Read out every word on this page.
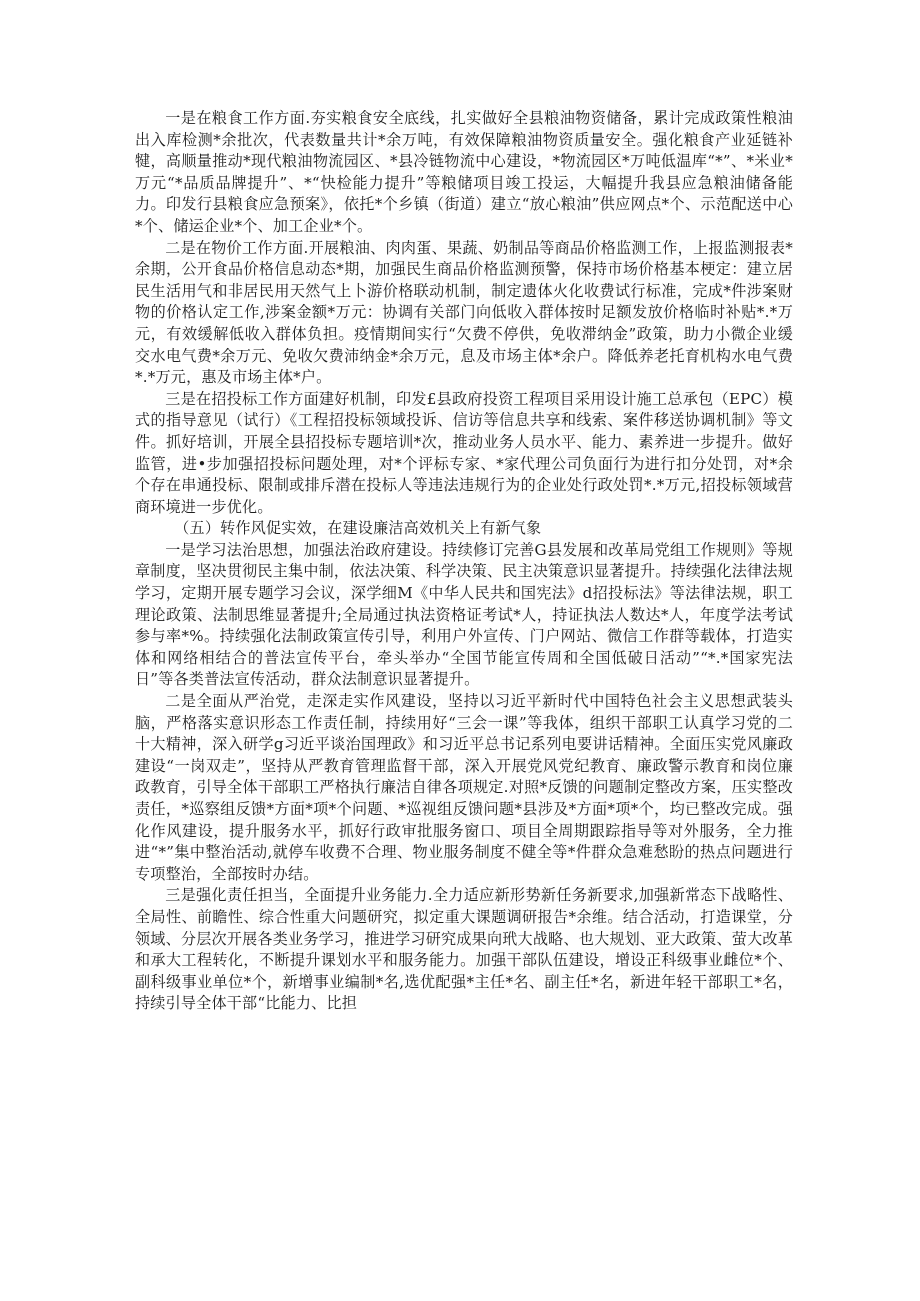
一是在粮食工作方面.夯实粮食安全底线，扎实做好全县粮油物资储备，累计完成政策性粮油出入库检测*余批次，代表数量共计*余万吨，有效保障粮油物资质量安全。强化粮食产业延链补犍，高顺量推动*现代粮油物流园区、*县冷链物流中心建设，*物流园区*万吨低温库“*”、*米业*万元“*品质品牌提升”、*“快检能力提升”等粮储项目竣工投运，大幅提升我县应急粮油储备能力。印发行县粮食应急预案》，依托*个乡镇（街道）建立“放心粮油”供应网点*个、示范配送中心*个、储运企业*个、加工企业*个。

二是在物价工作方面.开展粮油、肉肉蛋、果蔬、奶制品等商品价格监测工作，上报监测报表*余期，公开食品价格信息动态*期，加强民生商品价格监测预警，保持市场价格基本梗定：建立居民生活用气和非居民用天然气上卜游价格联动机制，制定遗体火化收费试行标准，完成*件涉案财物的价格认定工作,涉案金额*万元：协调有关部门向低收入群体按时足额发放价格临时补贴*.*万元，有效缓解低收入群体负担。疫情期间实行“欠费不停供，免收滞纳金”政策，助力小微企业缓交水电气费*余万元、免收欠费沛纳金*余万元，息及市场主体*余户。降低养老托育机构水电气费*.*万元，惠及市场主体*户。

三是在招投标工作方面建好机制，印发£县政府投资工程项目采用设计施工总承包（EPC）模式的指导意见（试行）《工程招投标领域投诉、信访等信息共享和线索、案件移送协调机制》等文件。抓好培训，开展全县招投标专题培训*次，推动业务人员水平、能力、素养进一步提升。做好监管，进•步加强招投标问题处理，对*个评标专家、*家代理公司负面行为进行扣分处罚，对*余个存在串通投标、限制或排斥潜在投标人等违法违规行为的企业处行政处罚*.*万元,招投标领域营商环境进一步优化。

（五）转作风促实效，在建设廉洁高效机关上有新气象

一是学习法治思想，加强法治政府建设。持续修订完善G县发展和改革局党组工作规则》等规章制度，坚决贯彻民主集中制，依法决策、科学决策、民主决策意识显著提升。持续强化法律法规学习，定期开展专题学习会议，深学细M《中华人民共和国宪法》d招投标法》等法律法规，职工理论政策、法制思维显著提升;全局通过执法资格证考试*人，持证执法人数达*人，年度学法考试参与率*%。持续强化法制政策宣传引导，利用户外宣传、门户网站、微信工作群等载体，打造实体和网络相结合的普法宣传平台，牵头举办“全国节能宣传周和全国低破日活动”“*.*国家宪法日”等各类普法宣传活动，群众法制意识显著提升。

二是全面从严治党，走深走实作风建设，坚持以习近平新时代中国特色社会主义思想武装头脑，严格落实意识形态工作责任制，持续用好“三会一课”等我体，组织干部职工认真学习党的二十大精神，深入研学g习近平谈治国理政》和习近平总书记系列电要讲话精神。全面压实党风廉政建设“一岗双走”，坚持从严教育管理监督干部，深入开展党风党纪教育、廉政警示教育和岗位廉政教育，引导全体干部职工严格执行廉洁自律各项规定.对照*反馈的问题制定整改方案，压实整改责任，*巡察组反馈*方面*项*个问题、*巡视组反馈问题*县涉及*方面*项*个，均已整改完成。强化作风建设，提升服务水平，抓好行政审批服务窗口、项目全周期跟踪指导等对外服务，全力推进“*”集中整治活动,就停车收费不合理、物业服务制度不健全等*件群众急难愁盼的热点问题进行专项整治，全部按时办结。

三是强化责任担当，全面提升业务能力.全力适应新形势新任务新要求,加强新常态下战略性、全局性、前瞻性、综合性重大问题研究，拟定重大课题调研报告*余维。结合活动，打造课堂，分领域、分层次开展各类业务学习，推进学习研究成果向玳大战略、也大规划、亚大政策、萤大改革和承大工程转化，不断提升课划水平和服务能力。加强干部队伍建设，增设正科级事业雌位*个、副科级事业单位*个，新增事业编制*名,选优配强*主任*名、副主任*名，新进年轻干部职工*名，持续引导全体干部“比能力、比担
